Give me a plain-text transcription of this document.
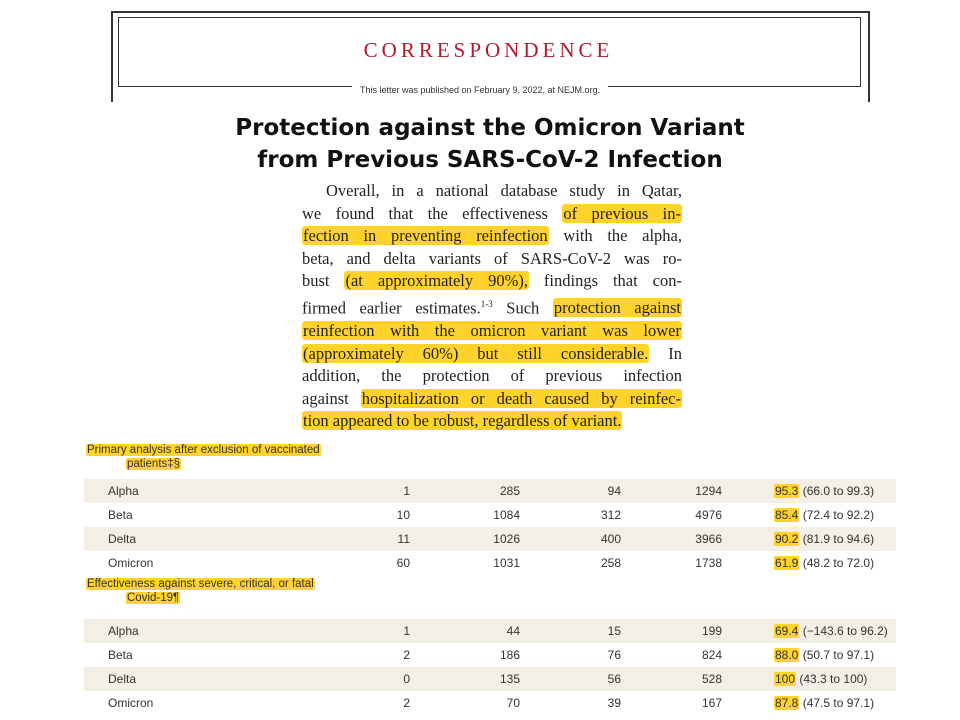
CORRESPONDENCE
This letter was published on February 9, 2022, at NEJM.org.
Protection against the Omicron Variant
from Previous SARS-CoV-2 Infection
Overall, in a national database study in Qatar,
we found that the effectiveness of previous in-
fection in preventing reinfection with the alpha,
beta, and delta variants of SARS-CoV-2 was ro-
bust (at approximately 90%), findings that con-
firmed earlier estimates.$^{1-3}$ Such protection against
reinfection with the omicron variant was lower
(approximately 60%) but still considerable. In
addition, the protection of previous infection
against hospitalization or death caused by reinfec-
tion appeared to be robust, regardless of variant.
Primary analysis after exclusion of vaccinated
patients‡§
Alpha	1	285	94	1294	95.3 (66.0 to 99.3)
Beta	10	1084	312	4976	85.4 (72.4 to 92.2)
Delta	11	1026	400	3966	90.2 (81.9 to 94.6)
Omicron	60	1031	258	1738	61.9 (48.2 to 72.0)
Effectiveness against severe, critical, or fatal
Covid-19¶
Alpha	1	44	15	199	69.4 (−143.6 to 96.2)
Beta	2	186	76	824	88.0 (50.7 to 97.1)
Delta	0	135	56	528	100 (43.3 to 100)
Omicron	2	70	39	167	87.8 (47.5 to 97.1)
